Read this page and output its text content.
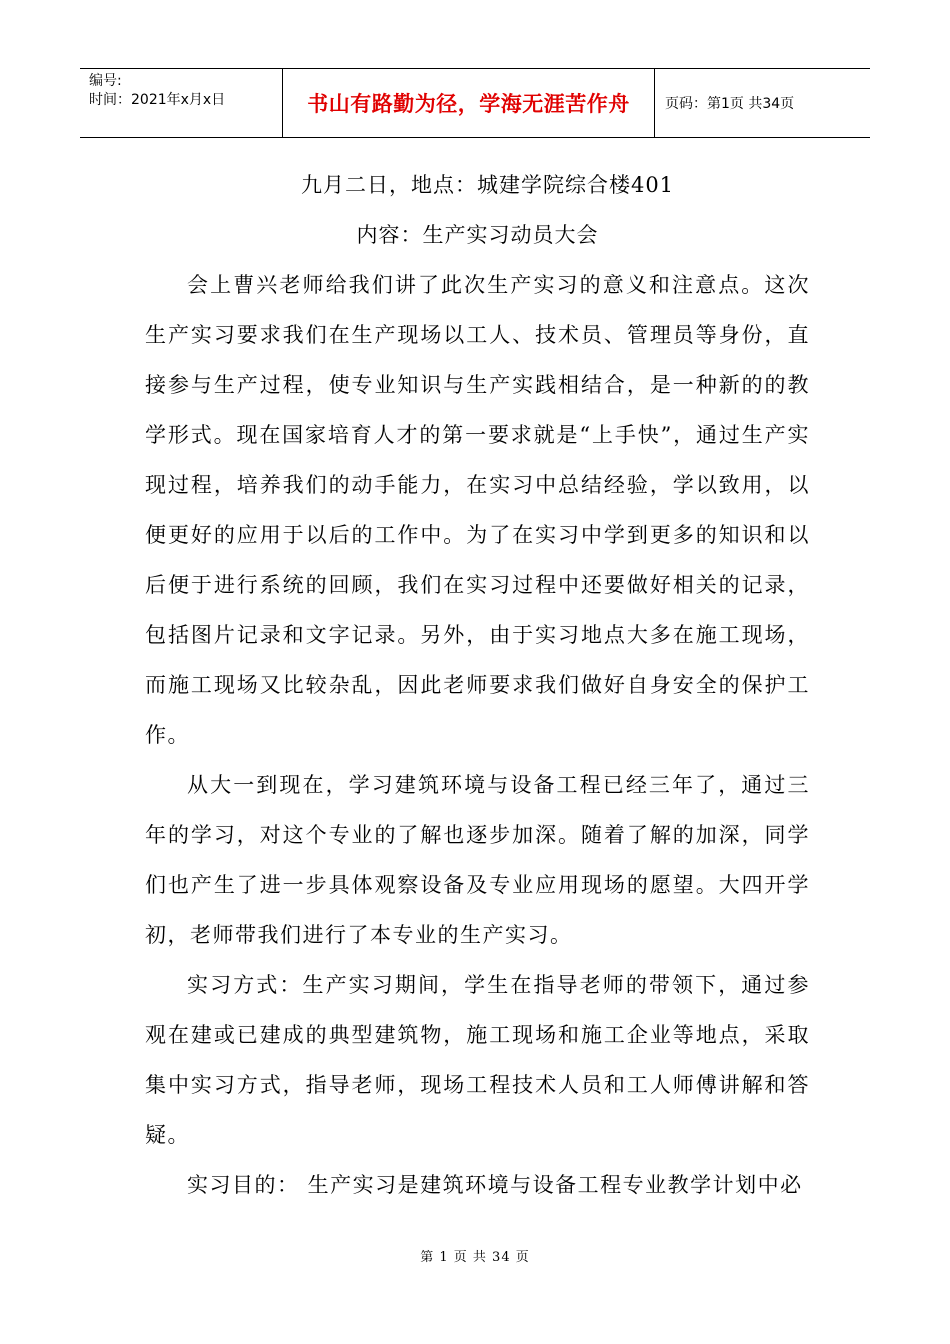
编号:
时间：2021年x月x日	书山有路勤为径，学海无涯苦作舟	页码：第1页 共34页
九月二日，地点：城建学院综合楼401
内容：生产实习动员大会

会上曹兴老师给我们讲了此次生产实习的意义和注意点。这次生产实习要求我们在生产现场以工人、技术员、管理员等身份，直接参与生产过程，使专业知识与生产实践相结合，是一种新的的教学形式。现在国家培育人才的第一要求就是“上手快”，通过生产实现过程，培养我们的动手能力，在实习中总结经验，学以致用，以便更好的应用于以后的工作中。为了在实习中学到更多的知识和以后便于进行系统的回顾，我们在实习过程中还要做好相关的记录，包括图片记录和文字记录。另外，由于实习地点大多在施工现场，而施工现场又比较杂乱，因此老师要求我们做好自身安全的保护工作。

从大一到现在，学习建筑环境与设备工程已经三年了，通过三年的学习，对这个专业的了解也逐步加深。随着了解的加深，同学们也产生了进一步具体观察设备及专业应用现场的愿望。大四开学初，老师带我们进行了本专业的生产实习。

实习方式：生产实习期间，学生在指导老师的带领下，通过参观在建或已建成的典型建筑物，施工现场和施工企业等地点，采取集中实习方式，指导老师，现场工程技术人员和工人师傅讲解和答疑。

实习目的： 生产实习是建筑环境与设备工程专业教学计划中必

第 1 页 共 34 页
